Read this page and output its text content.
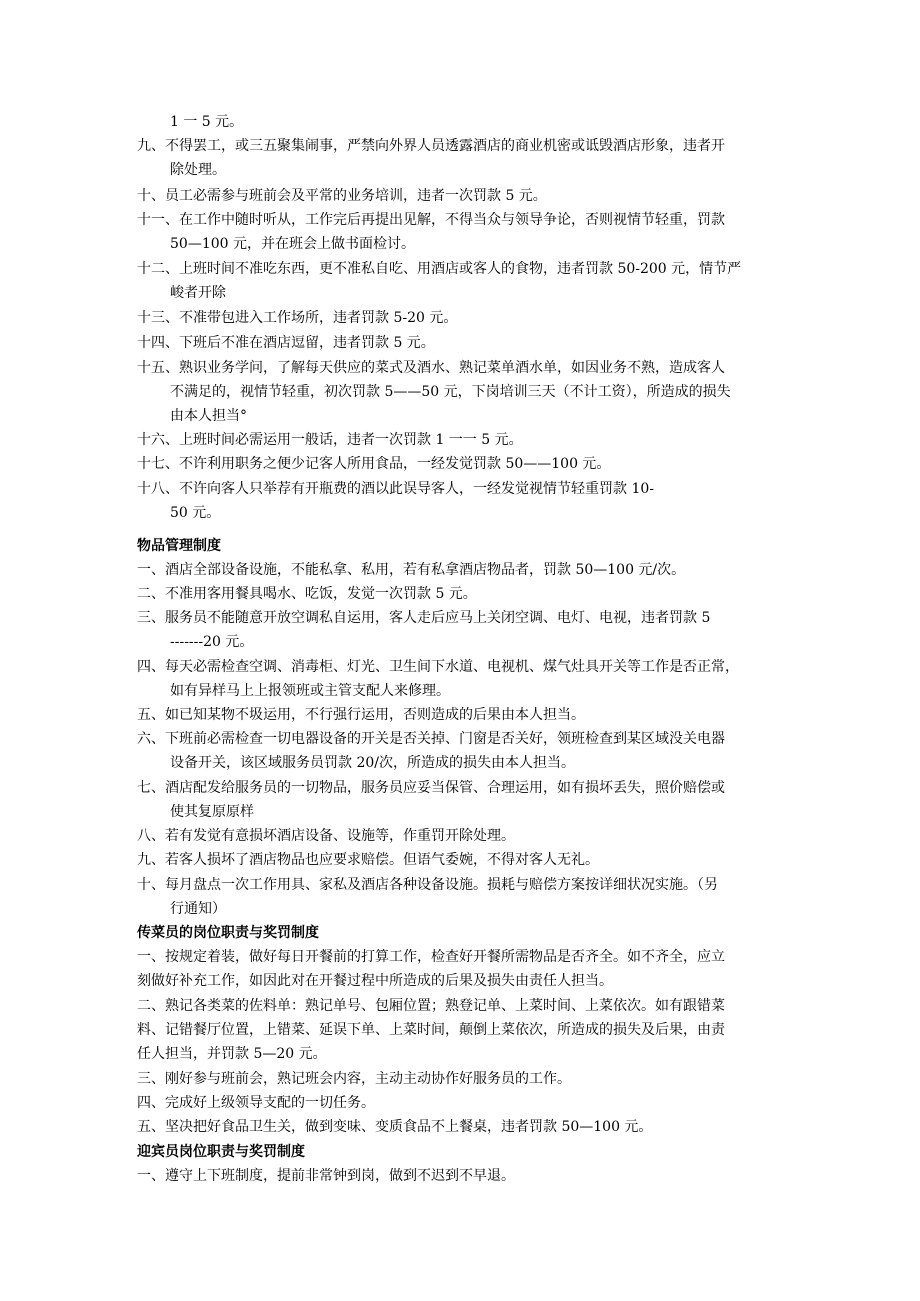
1 一 5 元。
九、不得罢工，或三五聚集闹事，严禁向外界人员透露酒店的商业机密或诋毁酒店形象，违者开
除处理。
十、员工必需参与班前会及平常的业务培训，违者一次罚款 5 元。
十一、在工作中随时听从，工作完后再提出见解，不得当众与领导争论，否则视情节轻重，罚款
50—100 元，并在班会上做书面检讨。
十二、上班时间不准吃东西，更不准私自吃、用酒店或客人的食物，违者罚款 50-200 元，情节严
峻者开除
十三、不准带包进入工作场所，违者罚款 5-20 元。
十四、下班后不准在酒店逗留，违者罚款 5 元。
十五、熟识业务学问，了解每天供应的菜式及酒水、熟记菜单酒水单，如因业务不熟，造成客人
不满足的，视情节轻重，初次罚款 5——50 元，下岗培训三天（不计工资），所造成的损失
由本人担当°
十六、上班时间必需运用一般话，违者一次罚款 1 一一 5 元。
十七、不许利用职务之便少记客人所用食品，一经发觉罚款 50——100 元。
十八、不许向客人只举荐有开瓶费的酒以此误导客人，一经发觉视情节轻重罚款 10-
50 元。
物品管理制度
一、酒店全部设备设施，不能私拿、私用，若有私拿酒店物品者，罚款 50—100 元/次。
二、不准用客用餐具喝水、吃饭，发觉一次罚款 5 元。
三、服务员不能随意开放空调私自运用，客人走后应马上关闭空调、电灯、电视，违者罚款 5
-------20 元。
四、每天必需检查空调、消毒柜、灯光、卫生间下水道、电视机、煤气灶具开关等工作是否正常，
如有异样马上上报领班或主管支配人来修理。
五、如已知某物不圾运用，不行强行运用，否则造成的后果由本人担当。
六、下班前必需检查一切电器设备的开关是否关掉、门窗是否关好，领班检查到某区域没关电器
设备开关，该区域服务员罚款 20/次，所造成的损失由本人担当。
七、酒店配发给服务员的一切物品，服务员应妥当保管、合理运用，如有损坏丢失，照价赔偿或
使其复原原样
八、若有发觉有意损坏酒店设备、设施等，作重罚开除处理。
九、若客人损坏了酒店物品也应要求赔偿。但语气委婉，不得对客人无礼。
十、每月盘点一次工作用具、家私及酒店各种设备设施。损耗与赔偿方案按详细状况实施。（另
行通知）
传菜员的岗位职责与奖罚制度
一、按规定着装，做好每日开餐前的打算工作，检查好开餐所需物品是否齐全。如不齐全，应立
刻做好补充工作，如因此对在开餐过程中所造成的后果及损失由责任人担当。
二、熟记各类菜的佐料单：熟记单号、包厢位置；熟登记单、上菜时间、上菜依次。如有跟错菜
料、记错餐厅位置，上错菜、延误下单、上菜时间，颠倒上菜依次，所造成的损失及后果，由责
任人担当，并罚款 5—20 元。
三、刚好参与班前会，熟记班会内容，主动主动协作好服务员的工作。
四、完成好上级领导支配的一切任务。
五、坚决把好食品卫生关，做到变味、变质食品不上餐桌，违者罚款 50—100 元。
迎宾员岗位职责与奖罚制度
一、遵守上下班制度，提前非常钟到岗，做到不迟到不早退。
